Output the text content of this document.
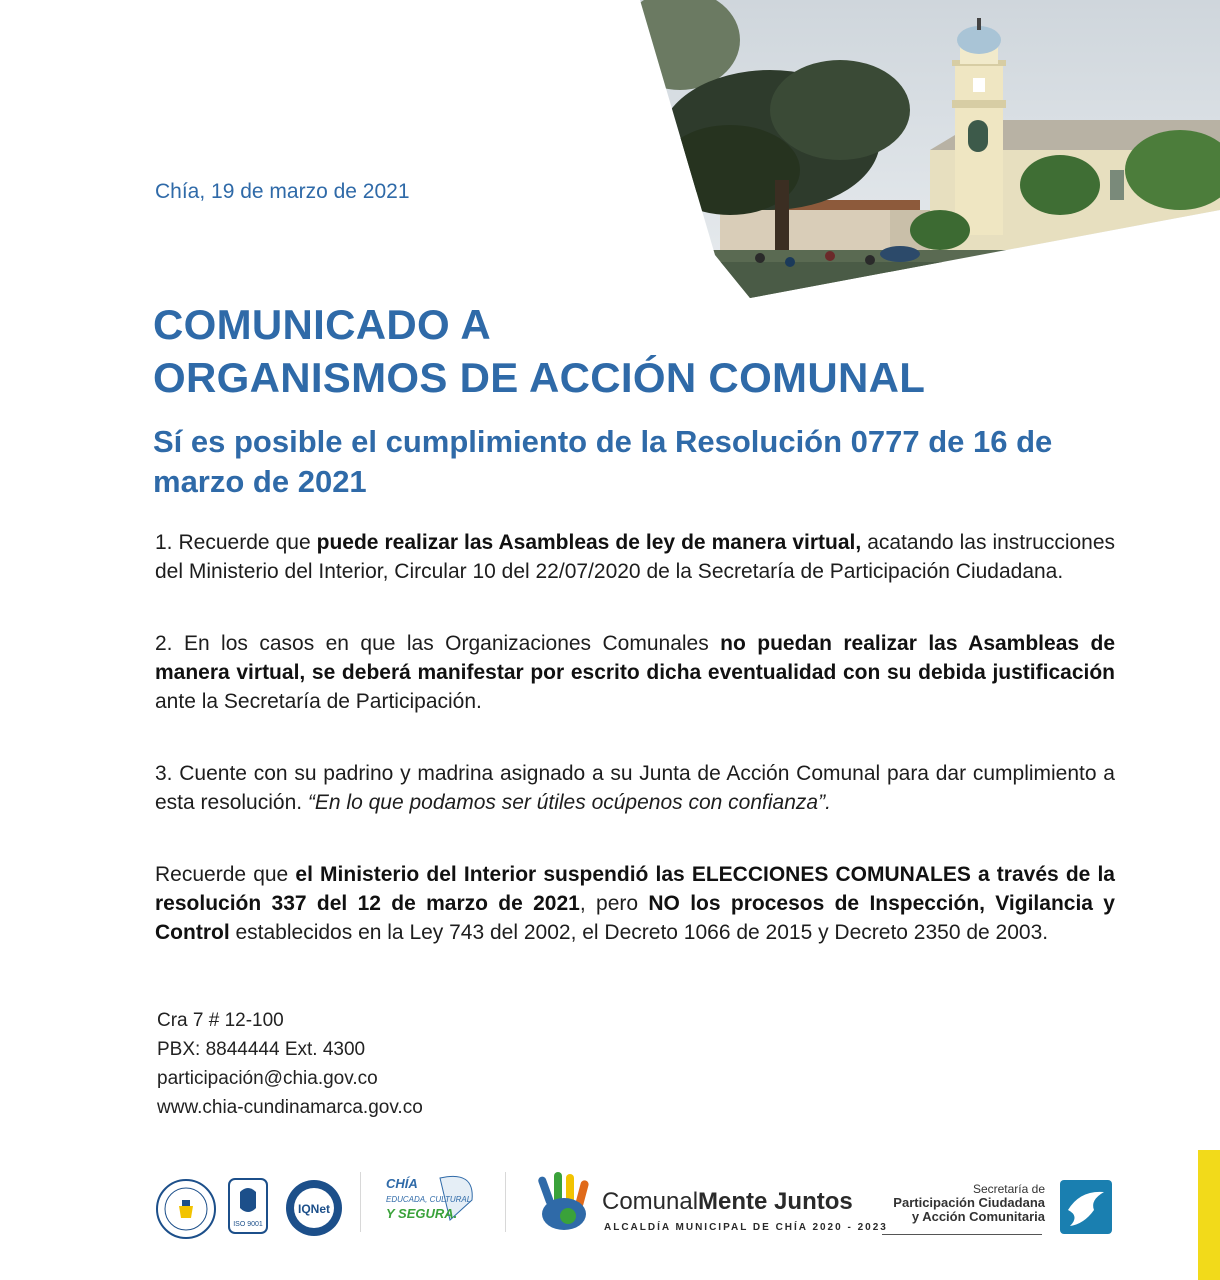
Chía, 19 de marzo de 2021
COMUNICADO A
ORGANISMOS DE ACCIÓN COMUNAL
Sí es posible el cumplimiento de la Resolución 0777 de 16 de marzo de 2021

1. Recuerde que puede realizar las Asambleas de ley de manera virtual, acatando las instrucciones del Ministerio del Interior, Circular 10 del 22/07/2020 de la Secretaría de Participación Ciudadana.

2. En los casos en que las Organizaciones Comunales no puedan realizar las Asambleas de manera virtual, se deberá manifestar por escrito dicha eventualidad con su debida justificación ante la Secretaría de Participación.

3. Cuente con su padrino y madrina asignado a su Junta de Acción Comunal para dar cumplimiento a esta resolución. “En lo que podamos ser útiles ocúpenos con confianza”.

Recuerde que el Ministerio del Interior suspendió las ELECCIONES COMUNALES a través de la resolución 337 del 12 de marzo de 2021, pero NO los procesos de Inspección, Vigilancia y Control establecidos en la Ley 743 del 2002, el Decreto 1066 de 2015 y Decreto 2350 de 2003.

Cra 7 # 12-100
PBX: 8844444 Ext. 4300
participación@chia.gov.co
www.chia-cundinamarca.gov.co
ISO 9001
IQNet
CHÍA
EDUCADA, CULTURAL
Y SEGURA.	ComunalMente Juntos
ALCALDÍA MUNICIPAL DE CHÍA 2020 - 2023
Secretaría de
Participación Ciudadana
y Acción Comunitaria
